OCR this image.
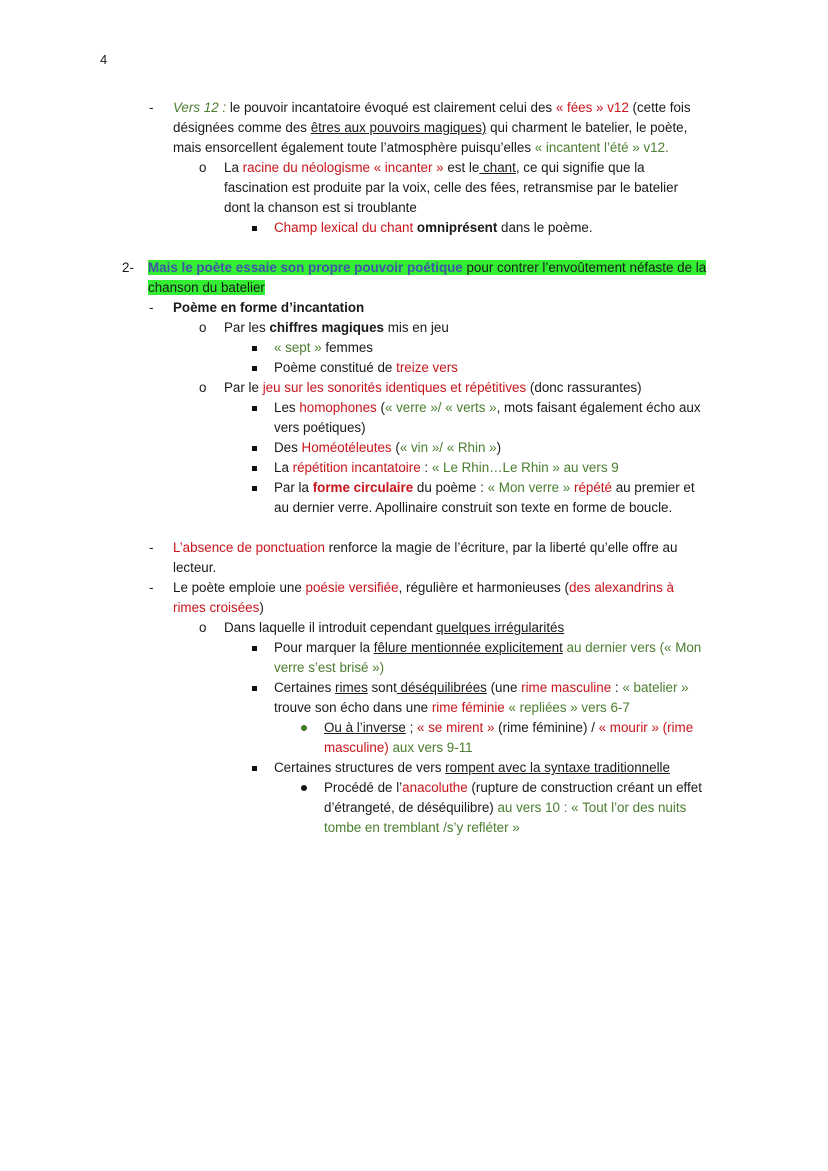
4
- Vers 12 : le pouvoir incantatoire évoqué est clairement celui des « fées » v12 (cette fois
désignées comme des êtres aux pouvoirs magiques) qui charment le batelier, le poète,
mais ensorcellent également toute l’atmosphère puisqu’elles « incantent l’été » v12.
o La racine du néologisme « incanter » est le chant, ce qui signifie que la
fascination est produite par la voix, celle des fées, retransmise par le batelier
dont la chanson est si troublante
Champ lexical du chant omniprésent dans le poème.
2- Mais le poète essaie son propre pouvoir poétique pour contrer l’envoûtement néfaste de la
chanson du batelier
- Poème en forme d’incantation
o Par les chiffres magiques mis en jeu
« sept » femmes
Poème constitué de treize vers
o Par le jeu sur les sonorités identiques et répétitives (donc rassurantes)
Les homophones (« verre »/ « verts », mots faisant également écho aux
vers poétiques)
Des Homéotéleutes (« vin »/ « Rhin »)
La répétition incantatoire : « Le Rhin…Le Rhin » au vers 9
Par la forme circulaire du poème : « Mon verre » répété au premier et
au dernier verre. Apollinaire construit son texte en forme de boucle.
- L’absence de ponctuation renforce la magie de l’écriture, par la liberté qu’elle offre au
lecteur.
- Le poète emploie une poésie versifiée, régulière et harmonieuses (des alexandrins à
rimes croisées)
o Dans laquelle il introduit cependant quelques irrégularités
Pour marquer la fêlure mentionnée explicitement au dernier vers (« Mon
verre s’est brisé »)
Certaines rimes sont déséquilibrées (une rime masculine : « batelier »
trouve son écho dans une rime féminie « repliées » vers 6-7
Ou à l’inverse ; « se mirent » (rime féminine) / « mourir » (rime
masculine) aux vers 9-11
Certaines structures de vers rompent avec la syntaxe traditionnelle
Procédé de l’anacoluthe (rupture de construction créant un effet
d’étrangeté, de déséquilibre) au vers 10 : « Tout l’or des nuits
tombe en tremblant /s’y refléter »
